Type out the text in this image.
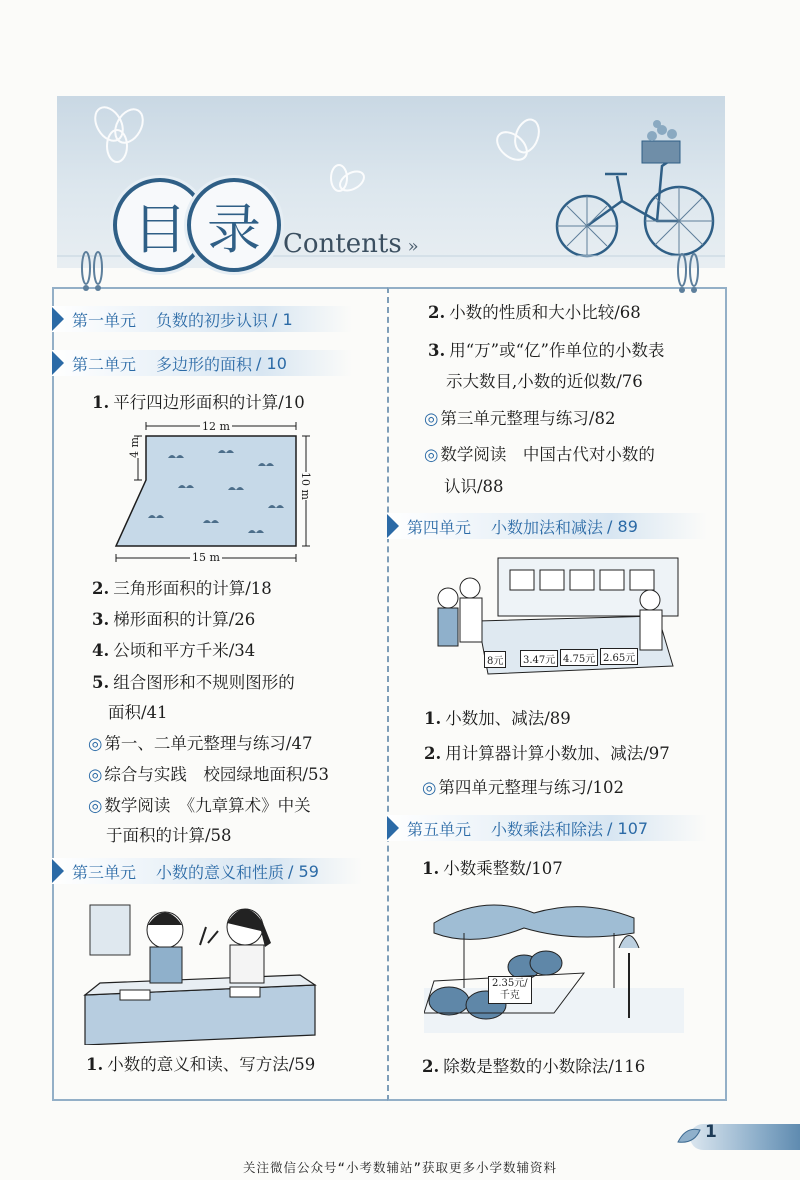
目 录 Contents »
第一单元 负数的初步认识 / 1
第二单元 多边形的面积 / 10
1. 平行四边形面积的计算/10
12 m
4 m
10 m
15 m
2. 三角形面积的计算/18
3. 梯形面积的计算/26
4. 公顷和平方千米/34
5. 组合图形和不规则图形的
面积/41
◎ 第一、二单元整理与练习/47
◎ 综合与实践　校园绿地面积/53
◎ 数学阅读　《九章算术》中关
于面积的计算/58
第三单元 小数的意义和性质 / 59
1. 小数的意义和读、写方法/59
2. 小数的性质和大小比较/68
3. 用“万”或“亿”作单位的小数表
示大数目,小数的近似数/76
◎ 第三单元整理与练习/82
◎ 数学阅读　中国古代对小数的
认识/88
第四单元 小数加法和减法 / 89
8元	3.47元 4.75元 2.65元
1. 小数加、减法/89
2. 用计算器计算小数加、减法/97
◎ 第四单元整理与练习/102
第五单元 小数乘法和除法 / 107
1. 小数乘整数/107
2.35元/
千克
2. 除数是整数的小数除法/116
1
关注微信公众号“小考数辅站”获取更多小学数辅资料
